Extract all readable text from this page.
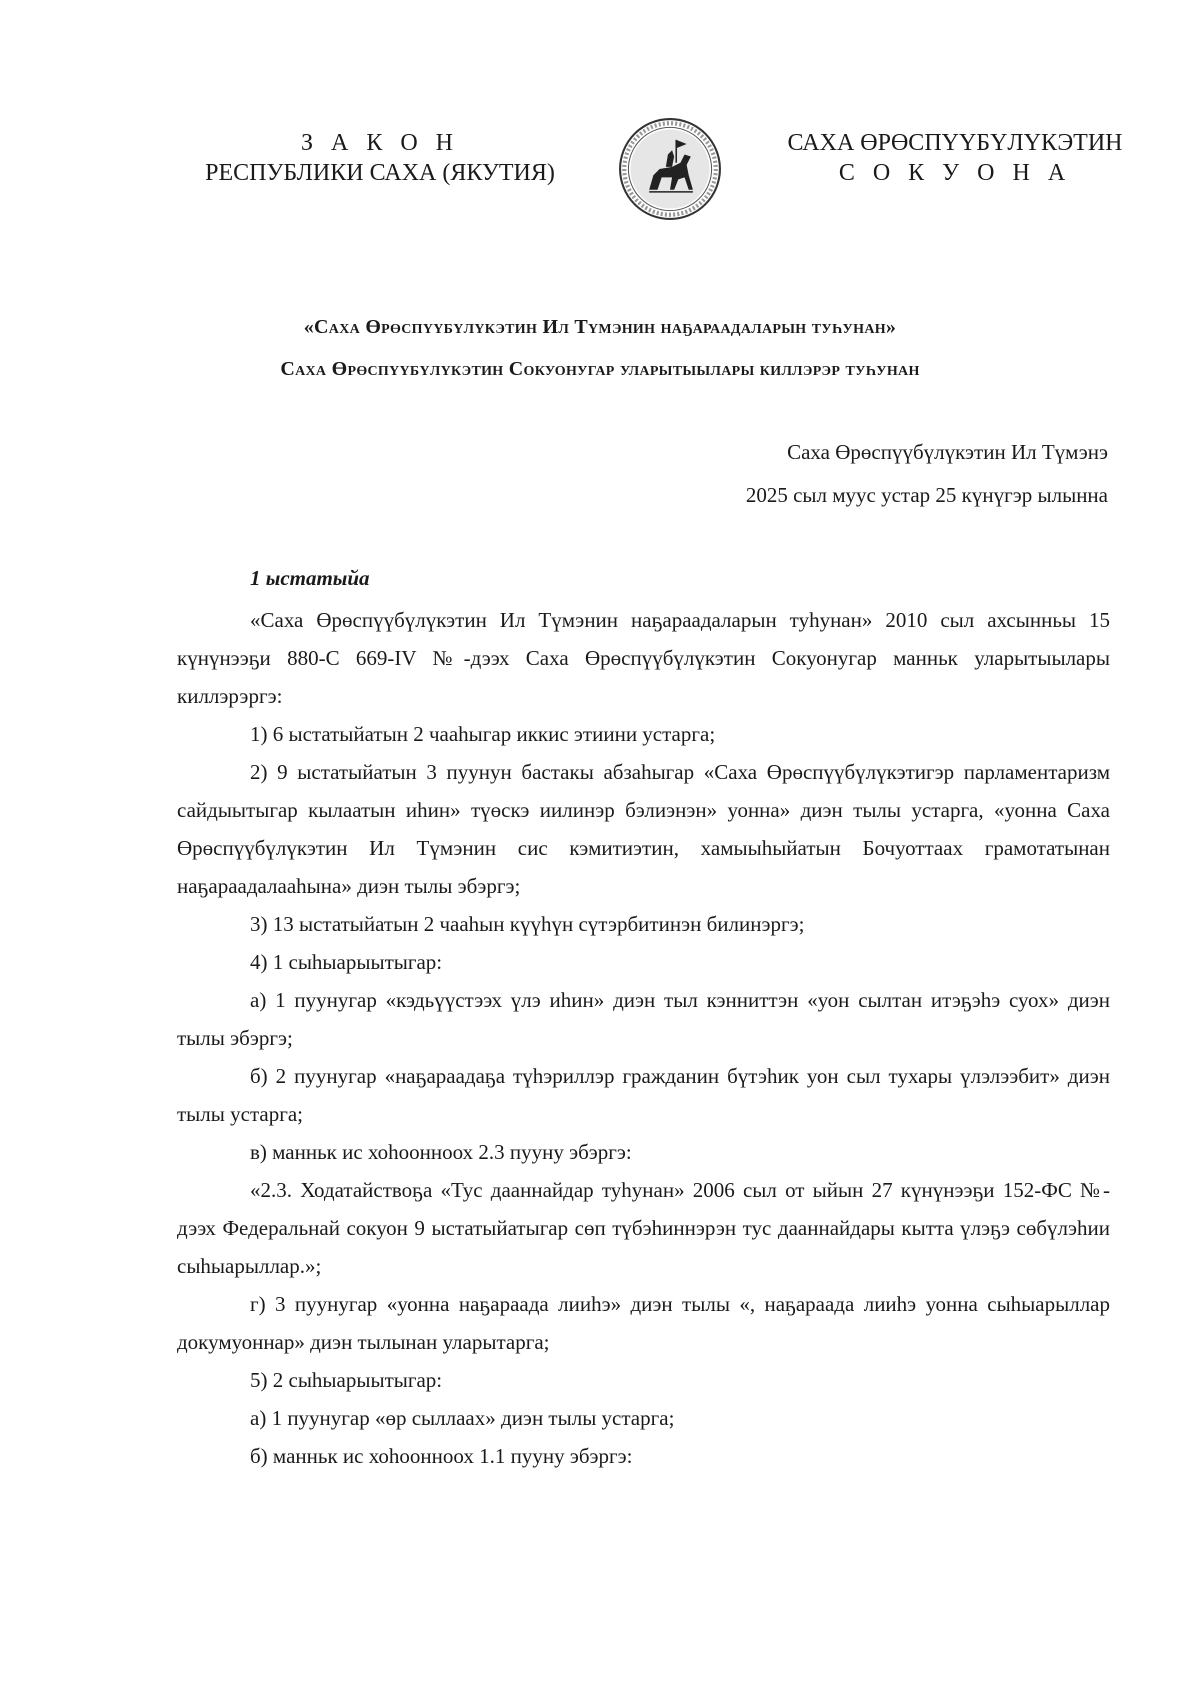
З А К О Н
РЕСПУБЛИКИ САХА (ЯКУТИЯ)
САХА ӨРӨСПҮҮБҮЛҮКЭТИН
С О К У О Н А
«Саха Өрөспүүбүлүкэтин Ил Түмэнин наҕараадаларын туһунан»
Саха Өрөспүүбүлүкэтин Сокуонугар уларытыылары киллэрэр туһунан
Саха Өрөспүүбүлүкэтин Ил Түмэнэ
2025 сыл муус устар 25 күнүгэр ылынна
1 ыстатыйа

«Саха Өрөспүүбүлүкэтин Ил Түмэнин наҕараадаларын туһунан» 2010 сыл ахсынньы 15 күнүнээҕи 880-С 669-IV №-дээх Саха Өрөспүүбүлүкэтин Сокуонугар манньк уларытыылары киллэрэргэ:

1) 6 ыстатыйатын 2 чааһыгар иккис этиини устарга;

2) 9 ыстатыйатын 3 пуунун бастакы абзаһыгар «Саха Өрөспүүбүлүкэтигэр парламентаризм сайдыытыгар кылаатын иһин» түөскэ иилинэр бэлиэнэн» уонна» диэн тылы устарга, «уонна Саха Өрөспүүбүлүкэтин Ил Түмэнин сис кэмитиэтин, хамыыһыйатын Бочуоттаах грамотатынан наҕараадалааһына» диэн тылы эбэргэ;

3) 13 ыстатыйатын 2 чааһын күүһүн сүтэрбитинэн билинэргэ;

4) 1 сыһыарыытыгар:

а) 1 пуунугар «кэдьүүстээх үлэ иһин» диэн тыл кэнниттэн «уон сылтан итэҕэһэ суох» диэн тылы эбэргэ;

б) 2 пуунугар «наҕараадаҕа түһэриллэр гражданин бүтэһик уон сыл тухары үлэлээбит» диэн тылы устарга;

в) манньк ис хоһоонноох 2.3 пууну эбэргэ:

«2.3. Ходатайствоҕа «Тус дааннайдар туһунан» 2006 сыл от ыйын 27 күнүнээҕи 152-ФС №-дээх Федеральнай сокуон 9 ыстатыйатыгар сөп түбэһиннэрэн тус дааннайдары кытта үлэҕэ сөбүлэһии сыһыарыллар.»;

г) 3 пуунугар «уонна наҕараада лииһэ» диэн тылы «, наҕараада лииһэ уонна сыһыарыллар докумуоннар» диэн тылынан уларытарга;

5) 2 сыһыарыытыгар:

а) 1 пуунугар «өр сыллаах» диэн тылы устарга;

б) манньк ис хоһоонноох 1.1 пууну эбэргэ:
